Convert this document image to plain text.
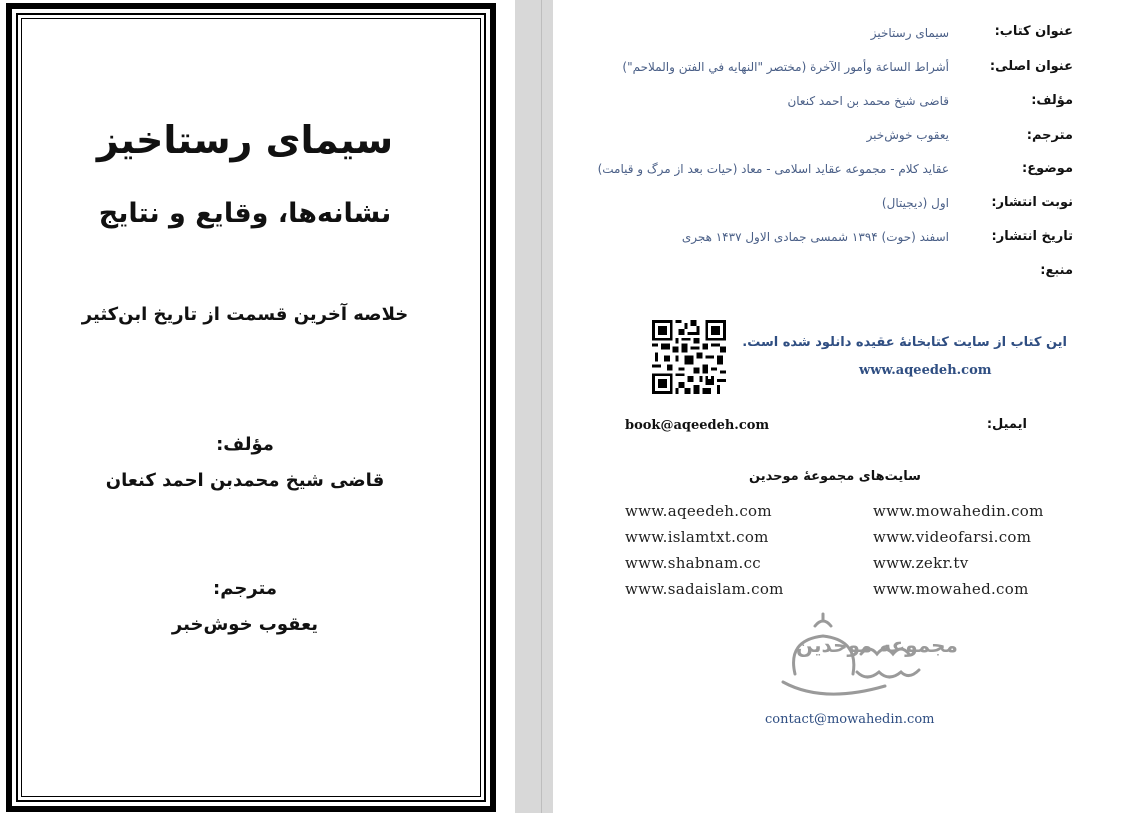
سیمای رستاخیز
نشانه‌ها، وقایع و نتایج
خلاصه آخرین قسمت از تاریخ ابن‌کثیر
مؤلف:
قاضی شیخ محمدبن احمد کنعان
مترجم:
یعقوب خوش‌خبر
عنوان کتاب:
سیمای رستاخیز
عنوان اصلی:
أشراط الساعة وأمور الآخرة (مختصر "النهايه في الفتن والملاحم")
مؤلف:
قاضی شیخ محمد بن احمد کنعان
مترجم:
یعقوب خوش‌خبر
موضوع:
عقاید کلام - مجموعه عقاید اسلامی - معاد (حیات بعد از مرگ و قیامت)
نوبت انتشار:
اول (دیجیتال)
تاریخ انتشار:
اسفند (حوت) ۱۳۹۴ شمسی جمادی الاول ۱۴۳۷ هجری
منبع:
این کتاب از سایت کتابخانۀ عقیده دانلود شده است.
www.aqeedeh.com
ایمیل:
book@aqeedeh.com
سایت‌های مجموعۀ موحدین
www.aqeedeh.com
www.islamtxt.com
www.shabnam.cc
www.sadaislam.com
www.mowahedin.com
www.videofarsi.com
www.zekr.tv
www.mowahed.com
مجموعه موحدین
contact@mowahedin.com
